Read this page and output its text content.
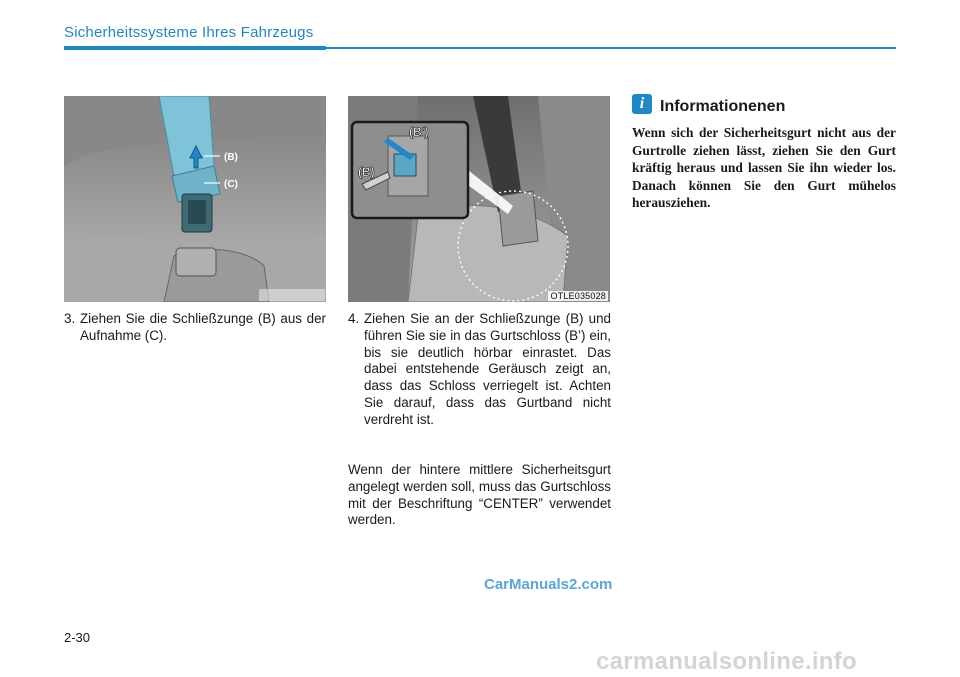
Sicherheitssysteme Ihres Fahrzeugs
(B)
(C)
(B')
(B)
OTLE035028
3. Ziehen Sie die Schließzunge (B) aus der Aufnahme (C).
4. Ziehen Sie an der Schließzunge (B) und führen Sie sie in das Gurtschloss (B’) ein, bis sie deutlich hörbar einrastet. Das dabei entstehende Geräusch zeigt an, dass das Schloss verriegelt ist. Achten Sie darauf, dass das Gurtband nicht verdreht ist.
Wenn der hintere mittlere Sicherheitsgurt angelegt werden soll, muss das Gurtschloss mit der Beschriftung “CENTER” verwendet werden.
i Informationenen
Wenn sich der Sicherheitsgurt nicht aus der Gurtrolle ziehen lässt, ziehen Sie den Gurt kräftig heraus und lassen Sie ihn wieder los. Danach können Sie den Gurt mühelos herausziehen.
2-30
CarManuals2.com
carmanualsonline.info
